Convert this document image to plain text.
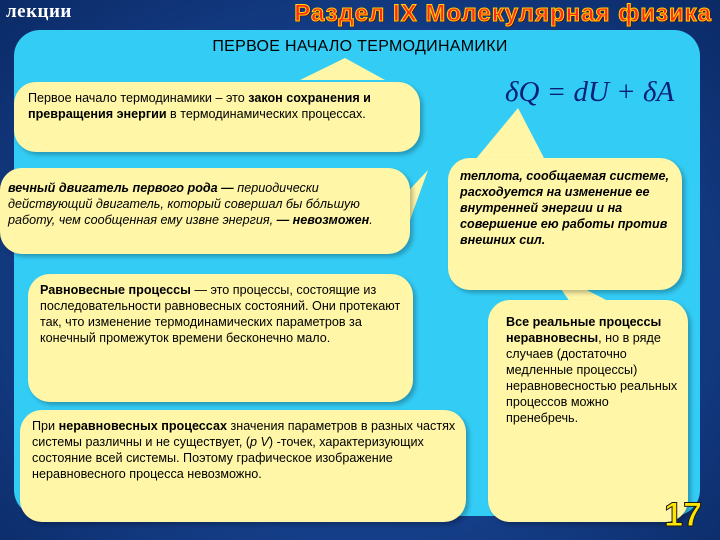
лекции	Раздел IX Молекулярная физика
ПЕРВОЕ НАЧАЛО ТЕРМОДИНАМИКИ
δQ = dU + δA
Первое начало термодинамики – это закон сохранения и превращения энергии в термодинамических процессах.
вечный двигатель первого рода — периодически действующий двигатель, который совершал бы бóльшую работу, чем сообщенная ему извне энергия, — невозможен.
теплота, сообщаемая системе, расходуется на изменение ее внутренней энергии и на совершение ею работы против внешних сил.
Равновесные процессы — это процессы, состоящие из последовательности равновесных состояний. Они протекают так, что изменение термодинамических параметров за конечный промежуток времени бесконечно мало.
При неравновесных процессах значения параметров в разных частях системы различны и не существует, (p V) -точек, характеризующих состояние всей системы. Поэтому графическое изображение неравновесного процесса невозможно.
Все реальные процессы неравновесны, но в ряде случаев (достаточно медленные процессы) неравновесностью реальных процессов можно пренебречь.
17
